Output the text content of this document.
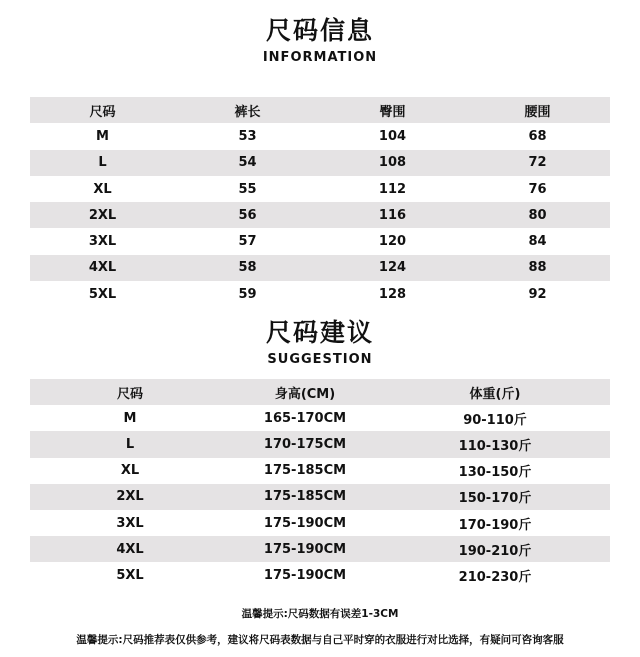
尺码信息
INFORMATION
尺码	裤长	臀围	腰围
M	53	104	68
L	54	108	72
XL	55	112	76
2XL	56	116	80
3XL	57	120	84
4XL	58	124	88
5XL	59	128	92
尺码建议
SUGGESTION
尺码	身高(CM)	体重(斤)
M	165-170CM	90-110斤
L	170-175CM	110-130斤
XL	175-185CM	130-150斤
2XL	175-185CM	150-170斤
3XL	175-190CM	170-190斤
4XL	175-190CM	190-210斤
5XL	175-190CM	210-230斤
温馨提示:尺码数据有误差1-3CM
温馨提示:尺码推荐表仅供参考，建议将尺码表数据与自己平时穿的衣服进行对比选择，有疑问可咨询客服
